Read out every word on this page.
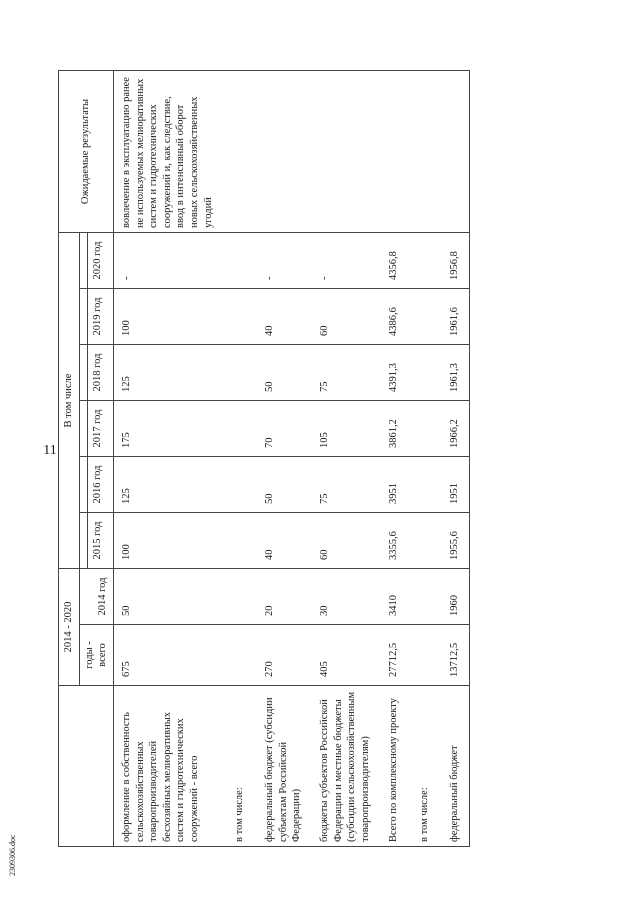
11
	2014 - 2020		В том числе						Ожидаемые результаты
	годы - всего	2014 год							
			2015 год	2016 год	2017 год	2018 год	2019 год	2020 год	
оформление в собственность сельскохозяйственных товаропроизводителей бесхозяйных мелиоративных систем и гидротехнических сооружений - всего	675	50	100	125	175	125	100	-	вовлечение в эксплуатацию ранее не используемых мелиоративных систем и гидротехнических сооружений и, как следствие, ввод в интенсивный оборот новых сельскохозяйственных угодий
в том числе:									
федеральный бюджет (субсидии субъектам Российской Федерации)	270	20	40	50	70	50	40	-	
бюджеты субъектов Российской Федерации и местные бюджеты (субсидии сельскохозяйственным товаропроизводителям)	405	30	60	75	105	75	60	-	
Всего по комплексному проекту	27712,5	3410	3355,6	3951	3861,2	4391,3	4386,6	4356,8	
в том числе:									
федеральный бюджет	13712,5	1960	1955,6	1951	1966,2	1961,3	1961,6	1956,8	
2309306.doc
